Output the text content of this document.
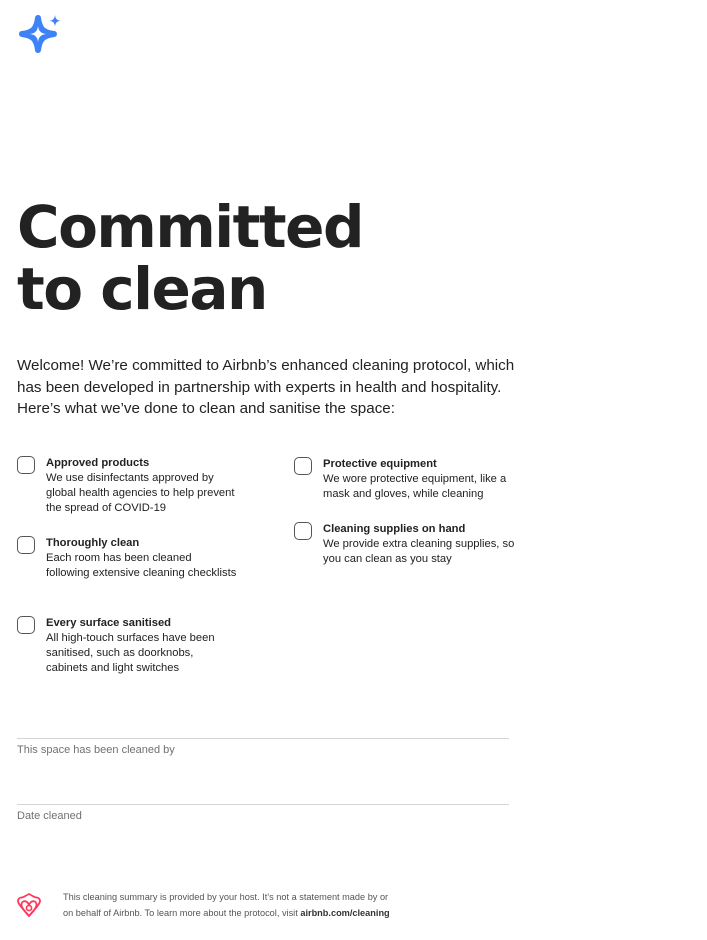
Committed
to clean

Welcome! We’re committed to Airbnb’s enhanced cleaning protocol, which has been developed in partnership with experts in health and hospitality. Here’s what we’ve done to clean and sanitise the space:

Approved products
We use disinfectants approved by global health agencies to help prevent the spread of COVID-19
Thoroughly clean
Each room has been cleaned following extensive cleaning checklists
Every surface sanitised
All high-touch surfaces have been sanitised, such as doorknobs, cabinets and light switches
Protective equipment
We wore protective equipment, like a mask and gloves, while cleaning
Cleaning supplies on hand
We provide extra cleaning supplies, so you can clean as you stay
This space has been cleaned by
Date cleaned
This cleaning summary is provided by your host. It’s not a statement made by or
on behalf of Airbnb. To learn more about the protocol, visit airbnb.com/cleaning
